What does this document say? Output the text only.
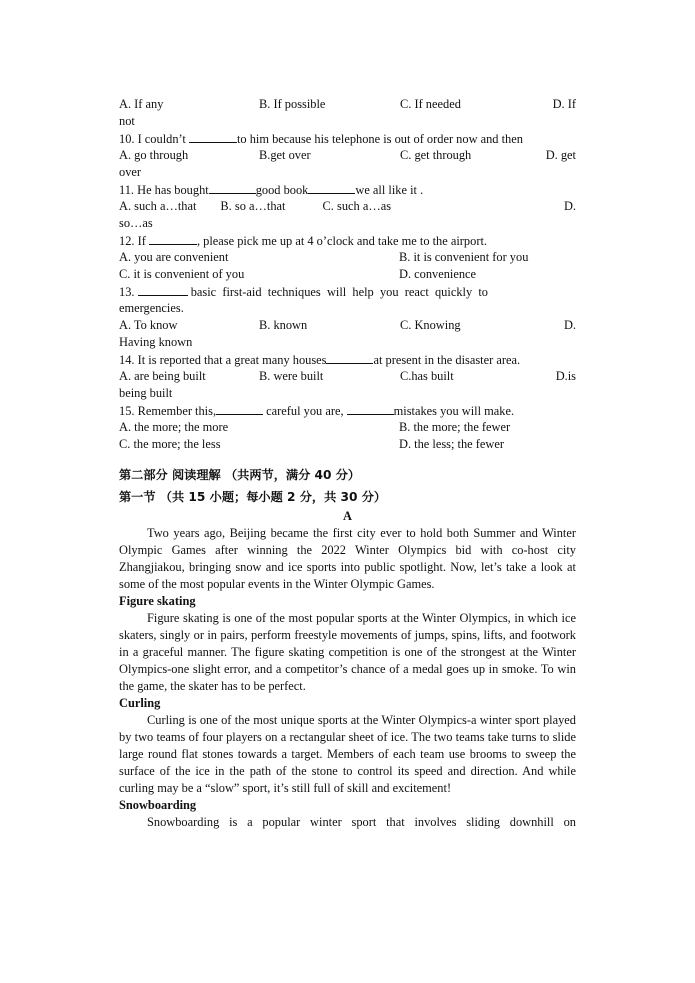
A. If any	B. If possible	C. If needed	D. If
not
10. I couldn’t	to him because his telephone is out of order now and then
A. go through	B.get over	C. get through	D. get
over
11. He has bought	good book	we all like it .
A. such a…that	B. so a…that	C. such a…as	D.
so…as
12. If	, please pick me up at 4 o’clock and take me to the airport.
A. you are convenient	B. it is convenient for you
C. it is convenient of you	D. convenience
13.	basic  first-aid  techniques  will  help  you  react  quickly  to
emergencies.
A. To know	B. known	C. Knowing	D.
Having known
14. It is reported that a great many houses	at present in the disaster area.
A. are being built	B. were built	C.has built	D.is
being built
15. Remember this,	careful you are,	mistakes you will make.
A. the more; the more	B. the more; the fewer
C. the more; the less	D. the less; the fewer
第二部分 阅读理解 （共两节，满分 40 分）
第一节 （共 15 小题；每小题 2 分，共 30 分）
A

Two years ago, Beijing became the first city ever to hold both Summer and Winter Olympic Games after winning the 2022 Winter Olympics bid with co-host city Zhangjiakou, bringing snow and ice sports into public spotlight. Now, let’s take a look at some of the most popular events in the Winter Olympic Games.

Figure skating

Figure skating is one of the most popular sports at the Winter Olympics, in which ice skaters, singly or in pairs, perform freestyle movements of jumps, spins, lifts, and footwork in a graceful manner. The figure skating competition is one of the strongest at the Winter Olympics-one slight error, and a competitor’s chance of a medal goes up in smoke. To win the game, the skater has to be perfect.

Curling

Curling is one of the most unique sports at the Winter Olympics-a winter sport played by two teams of four players on a rectangular sheet of ice. The two teams take turns to slide large round flat stones towards a target. Members of each team use brooms to sweep the surface of the ice in the path of the stone to control its speed and direction. And while curling may be a “slow” sport, it’s still full of skill and excitement!

Snowboarding

Snowboarding is a popular winter sport that involves sliding downhill on
